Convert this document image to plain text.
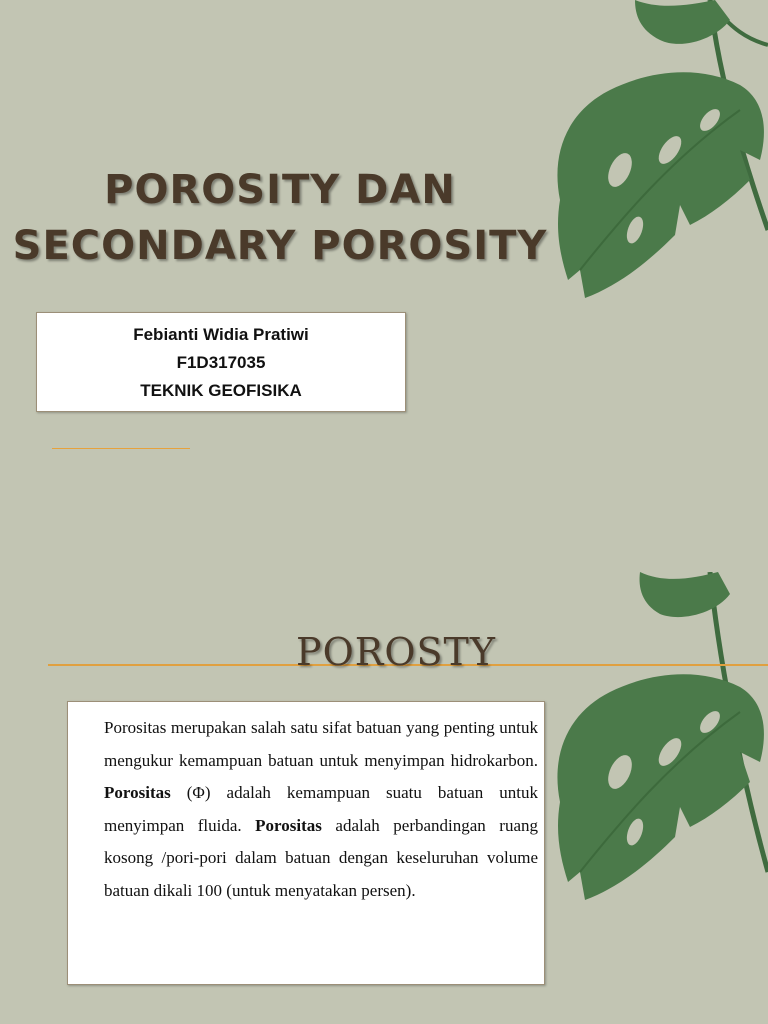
POROSITY DAN
SECONDARY POROSITY
Febianti Widia Pratiwi
F1D317035
TEKNIK GEOFISIKA
POROSTY

Porositas merupakan salah satu sifat batuan yang penting untuk mengukur kemampuan batuan untuk menyimpan hidrokarbon. Porositas (Φ) adalah kemampuan suatu batuan untuk menyimpan fluida. Porositas adalah perbandingan ruang kosong /pori-pori dalam batuan dengan keseluruhan volume batuan dikali 100 (untuk menyatakan persen).
